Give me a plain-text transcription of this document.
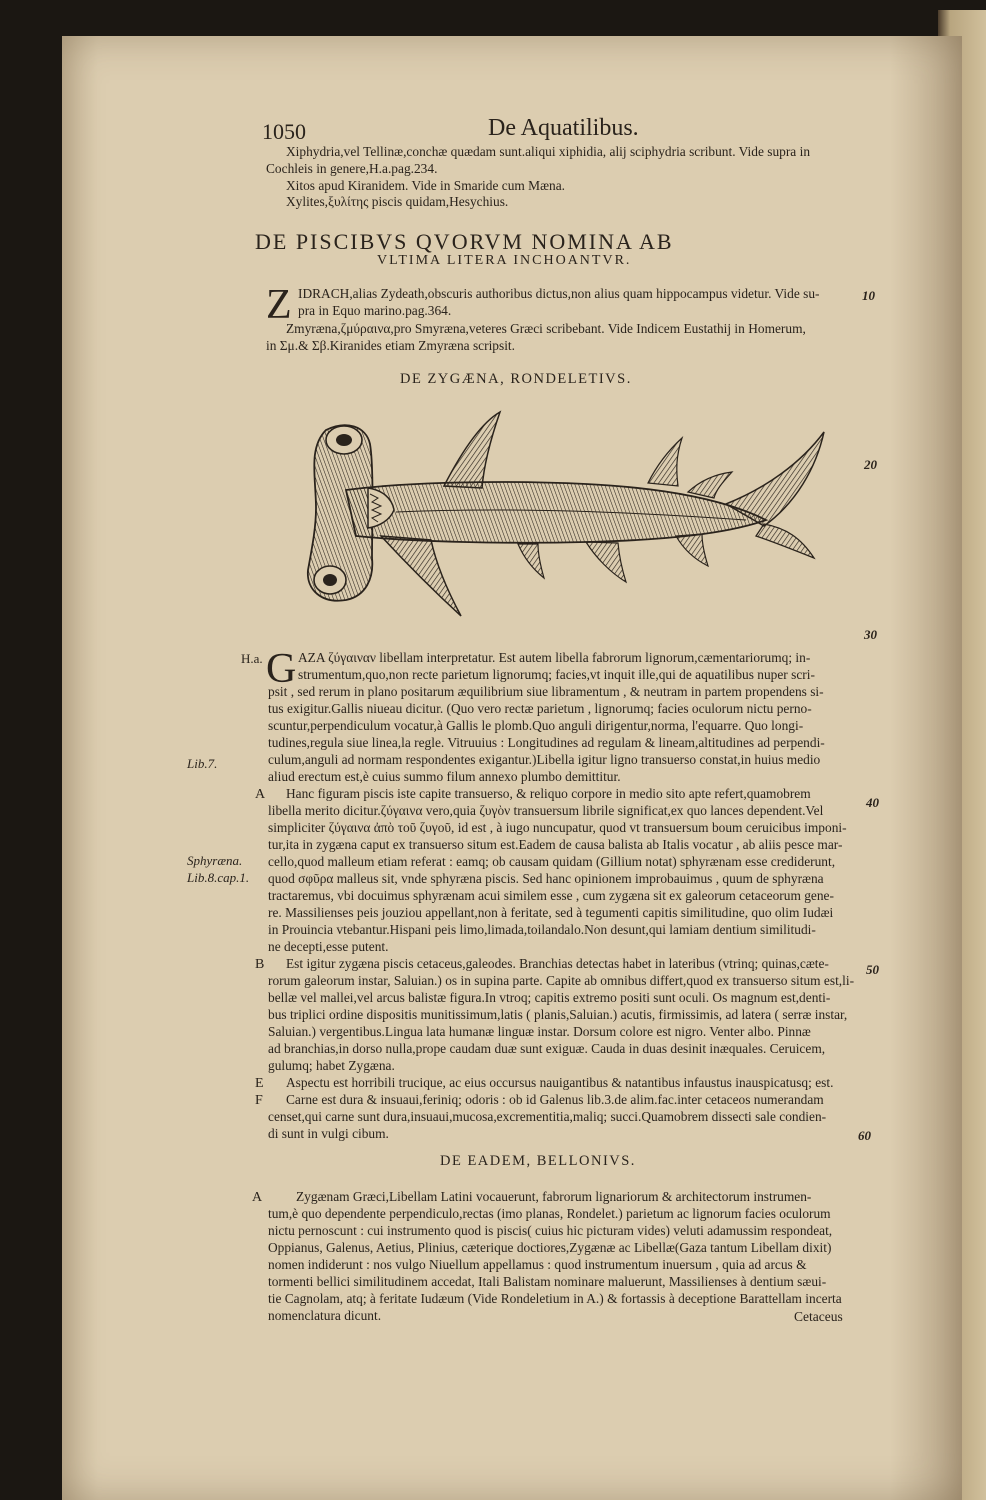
1050	De Aquatilibus.
Xiphydria,vel Tellinæ,conchæ quædam sunt.aliqui xiphidia, alij sciphydria scribunt. Vide supra in
Cochleis in genere,H.a.pag.234.
Xitos apud Kiranidem. Vide in Smaride cum Mæna.
Xylites,ξυλίτης piscis quidam,Hesychius.
DE PISCIBVS QVORVM NOMINA AB
VLTIMA LITERA INCHOANTVR.
Z IDRACH,alias Zydeath,obscuris authoribus dictus,non alius quam hippocampus videtur. Vide su-
pra in Equo marino.pag.364.
Zmyræna,ζμύραινα,pro Smyræna,veteres Græci scribebant. Vide Indicem Eustathij in Homerum,
in Σμ.& Σβ.Kiranides etiam Zmyræna scripsit.
DE ZYGÆNA, RONDELETIVS.
10
20
30
40
50
60
H.a.
Lib.7.
Sphyræna.
Lib.8.cap.1.
G AZA ζύγαιναν libellam interpretatur. Est autem libella fabrorum lignorum,cæmentariorumq; in-
strumentum,quo,non recte parietum lignorumq; facies,vt inquit ille,qui de aquatilibus nuper scri-
psit , sed rerum in plano positarum æquilibrium siue libramentum , & neutram in partem propendens si-
tus exigitur.Gallis niueau dicitur. (Quo vero rectæ parietum , lignorumq; facies oculorum nictu perno-
scuntur,perpendiculum vocatur,à Gallis le plomb.Quo anguli dirigentur,norma, l'equarre. Quo longi-
tudines,regula siue linea,la regle. Vitruuius : Longitudines ad regulam & lineam,altitudines ad perpendi-
culum,anguli ad normam respondentes exigantur.)Libella igitur ligno transuerso constat,in huius medio
aliud erectum est,è cuius summo filum annexo plumbo demittitur.
A Hanc figuram piscis iste capite transuerso, & reliquo corpore in medio sito apte refert,quamobrem
libella merito dicitur.ζύγαινα vero,quia ζυγὸν transuersum librile significat,ex quo lances dependent.Vel
simpliciter ζύγαινα ἀπὸ τοῦ ζυγοῦ, id est , à iugo nuncupatur, quod vt transuersum boum ceruicibus imponi-
tur,ita in zygæna caput ex transuerso situm est.Eadem de causa balista ab Italis vocatur , ab aliis pesce mar-
cello,quod malleum etiam referat : eamq; ob causam quidam (Gillium notat) sphyrænam esse crediderunt,
quod σφῦρα malleus sit, vnde sphyræna piscis. Sed hanc opinionem improbauimus , quum de sphyræna
tractaremus, vbi docuimus sphyrænam acui similem esse , cum zygæna sit ex galeorum cetaceorum gene-
re. Massilienses peis jouziou appellant,non à feritate, sed à tegumenti capitis similitudine, quo olim Iudæi
in Prouincia vtebantur.Hispani peis limo,limada,toilandalo.Non desunt,qui lamiam dentium similitudi-
ne decepti,esse putent.
B Est igitur zygæna piscis cetaceus,galeodes. Branchias detectas habet in lateribus (vtrinq; quinas,cæte-
rorum galeorum instar, Saluian.) os in supina parte. Capite ab omnibus differt,quod ex transuerso situm est,li-
bellæ vel mallei,vel arcus balistæ figura.In vtroq; capitis extremo positi sunt oculi. Os magnum est,denti-
bus triplici ordine dispositis munitissimum,latis ( planis,Saluian.) acutis, firmissimis, ad latera ( serræ instar,
Saluian.) vergentibus.Lingua lata humanæ linguæ instar. Dorsum colore est nigro. Venter albo. Pinnæ
ad branchias,in dorso nulla,prope caudam duæ sunt exiguæ. Cauda in duas desinit inæquales. Ceruicem,
gulumq; habet Zygæna.
E Aspectu est horribili trucique, ac eius occursus nauigantibus & natantibus infaustus inauspicatusq; est.
F Carne est dura & insuaui,feriniq; odoris : ob id Galenus lib.3.de alim.fac.inter cetaceos numerandam
censet,qui carne sunt dura,insuaui,mucosa,excrementitia,maliq; succi.Quamobrem dissecti sale condien-
di sunt in vulgi cibum.
DE EADEM, BELLONIVS.
A	Zygænam Græci,Libellam Latini vocauerunt, fabrorum lignariorum & architectorum instrumen-
tum,è quo dependente perpendiculo,rectas (imo planas, Rondelet.) parietum ac lignorum facies oculorum
nictu pernoscunt : cui instrumento quod is piscis( cuius hic picturam vides) veluti adamussim respondeat,
Oppianus, Galenus, Aetius, Plinius, cæterique doctiores,Zygænæ ac Libellæ(Gaza tantum Libellam dixit)
nomen indiderunt : nos vulgo Niuellum appellamus : quod instrumentum inuersum , quia ad arcus &
tormenti bellici similitudinem accedat, Itali Balistam nominare maluerunt, Massilienses à dentium sæui-
tie Cagnolam, atq; à feritate Iudæum (Vide Rondeletium in A.) & fortassis à deceptione Barattellam incerta
nomenclatura dicunt.	Cetaceus
